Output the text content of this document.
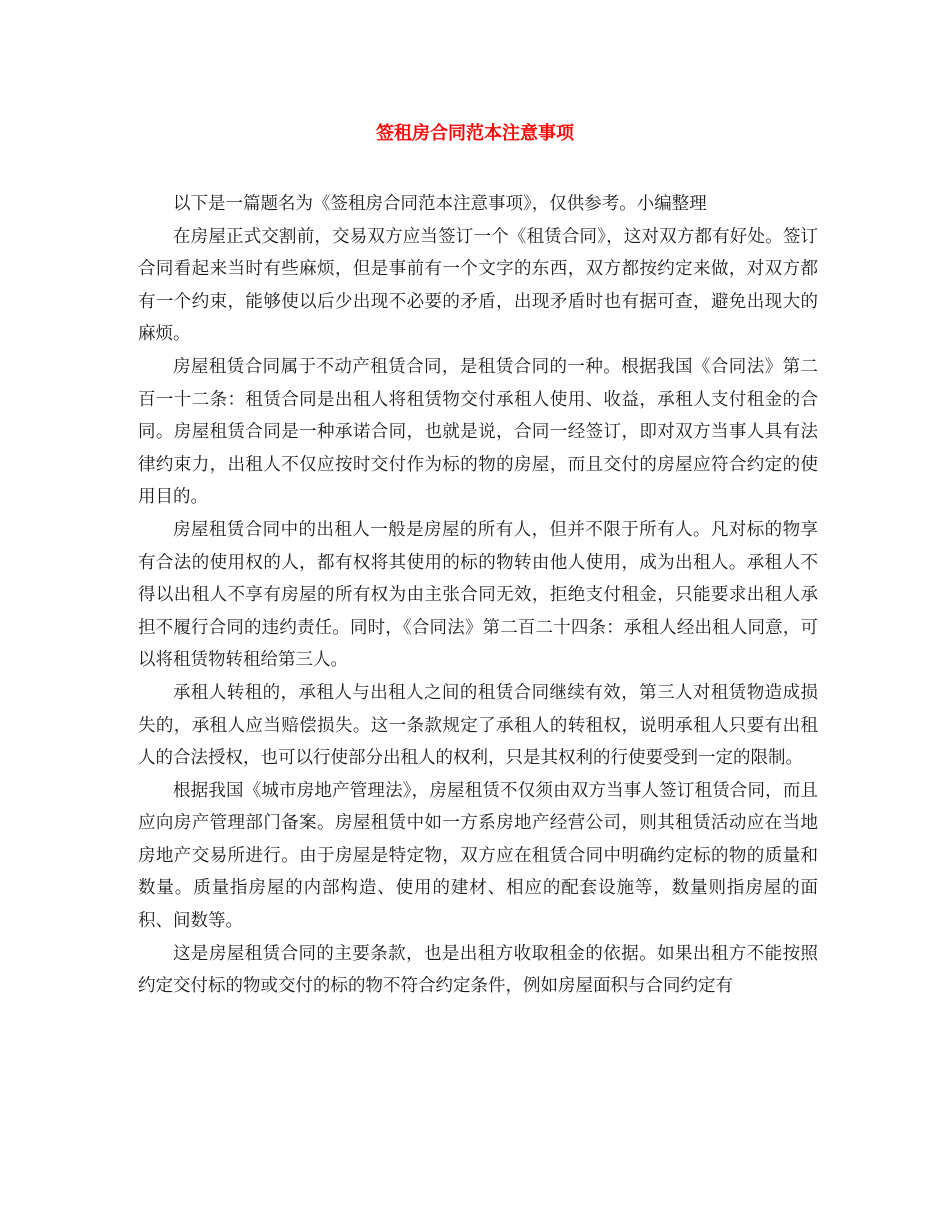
签租房合同范本注意事项

以下是一篇题名为《签租房合同范本注意事项》，仅供参考。小编整理

在房屋正式交割前，交易双方应当签订一个《租赁合同》，这对双方都有好处。签订合同看起来当时有些麻烦，但是事前有一个文字的东西，双方都按约定来做，对双方都有一个约束，能够使以后少出现不必要的矛盾，出现矛盾时也有据可查，避免出现大的麻烦。

房屋租赁合同属于不动产租赁合同，是租赁合同的一种。根据我国《合同法》第二百一十二条：租赁合同是出租人将租赁物交付承租人使用、收益，承租人支付租金的合同。房屋租赁合同是一种承诺合同，也就是说，合同一经签订，即对双方当事人具有法律约束力，出租人不仅应按时交付作为标的物的房屋，而且交付的房屋应符合约定的使用目的。

房屋租赁合同中的出租人一般是房屋的所有人，但并不限于所有人。凡对标的物享有合法的使用权的人，都有权将其使用的标的物转由他人使用，成为出租人。承租人不得以出租人不享有房屋的所有权为由主张合同无效，拒绝支付租金，只能要求出租人承担不履行合同的违约责任。同时，《合同法》第二百二十四条：承租人经出租人同意，可以将租赁物转租给第三人。

承租人转租的，承租人与出租人之间的租赁合同继续有效，第三人对租赁物造成损失的，承租人应当赔偿损失。这一条款规定了承租人的转租权，说明承租人只要有出租人的合法授权，也可以行使部分出租人的权利，只是其权利的行使要受到一定的限制。

根据我国《城市房地产管理法》，房屋租赁不仅须由双方当事人签订租赁合同，而且应向房产管理部门备案。房屋租赁中如一方系房地产经营公司，则其租赁活动应在当地房地产交易所进行。由于房屋是特定物，双方应在租赁合同中明确约定标的物的质量和数量。质量指房屋的内部构造、使用的建材、相应的配套设施等，数量则指房屋的面积、间数等。

这是房屋租赁合同的主要条款，也是出租方收取租金的依据。如果出租方不能按照约定交付标的物或交付的标的物不符合约定条件，例如房屋面积与合同约定有
